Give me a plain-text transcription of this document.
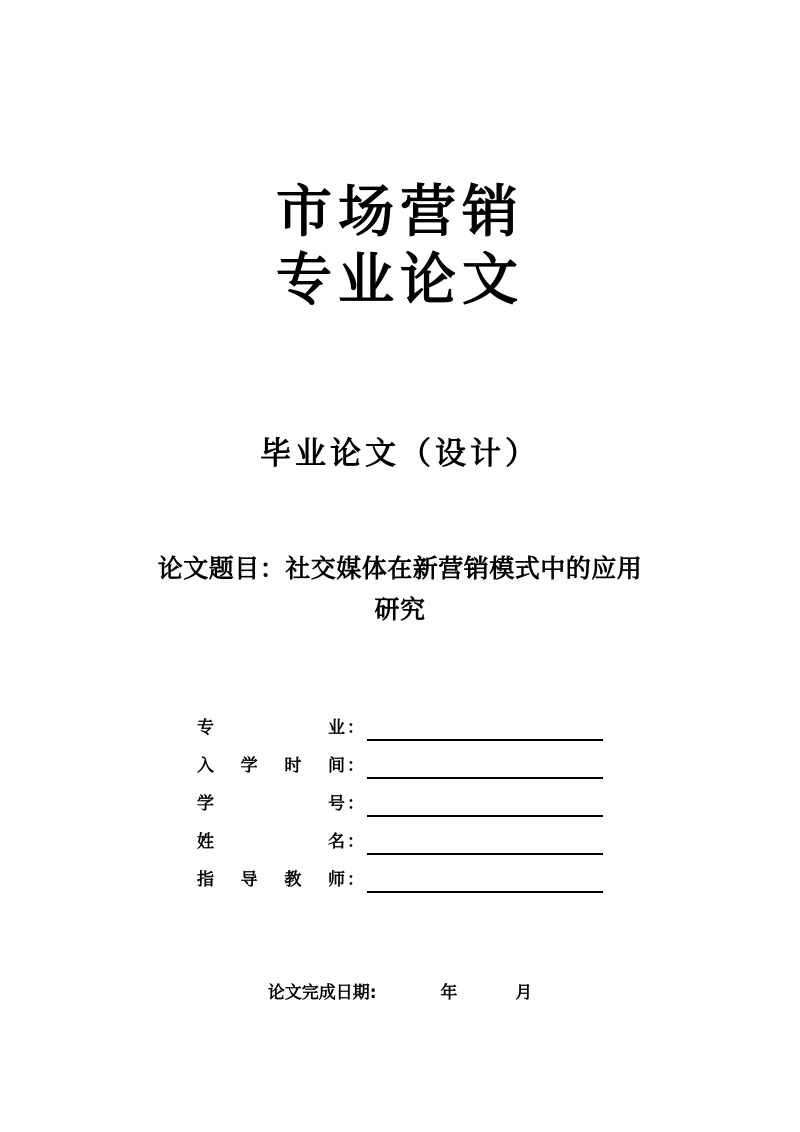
市场营销
专业论文
毕业论文（设计）
论文题目：社交媒体在新营销模式中的应用
研究
专　　业 ：
入学时间 ：
学　　号 ：
姓　　名 ：
指导教师 ：
论文完成日期:	年	月
